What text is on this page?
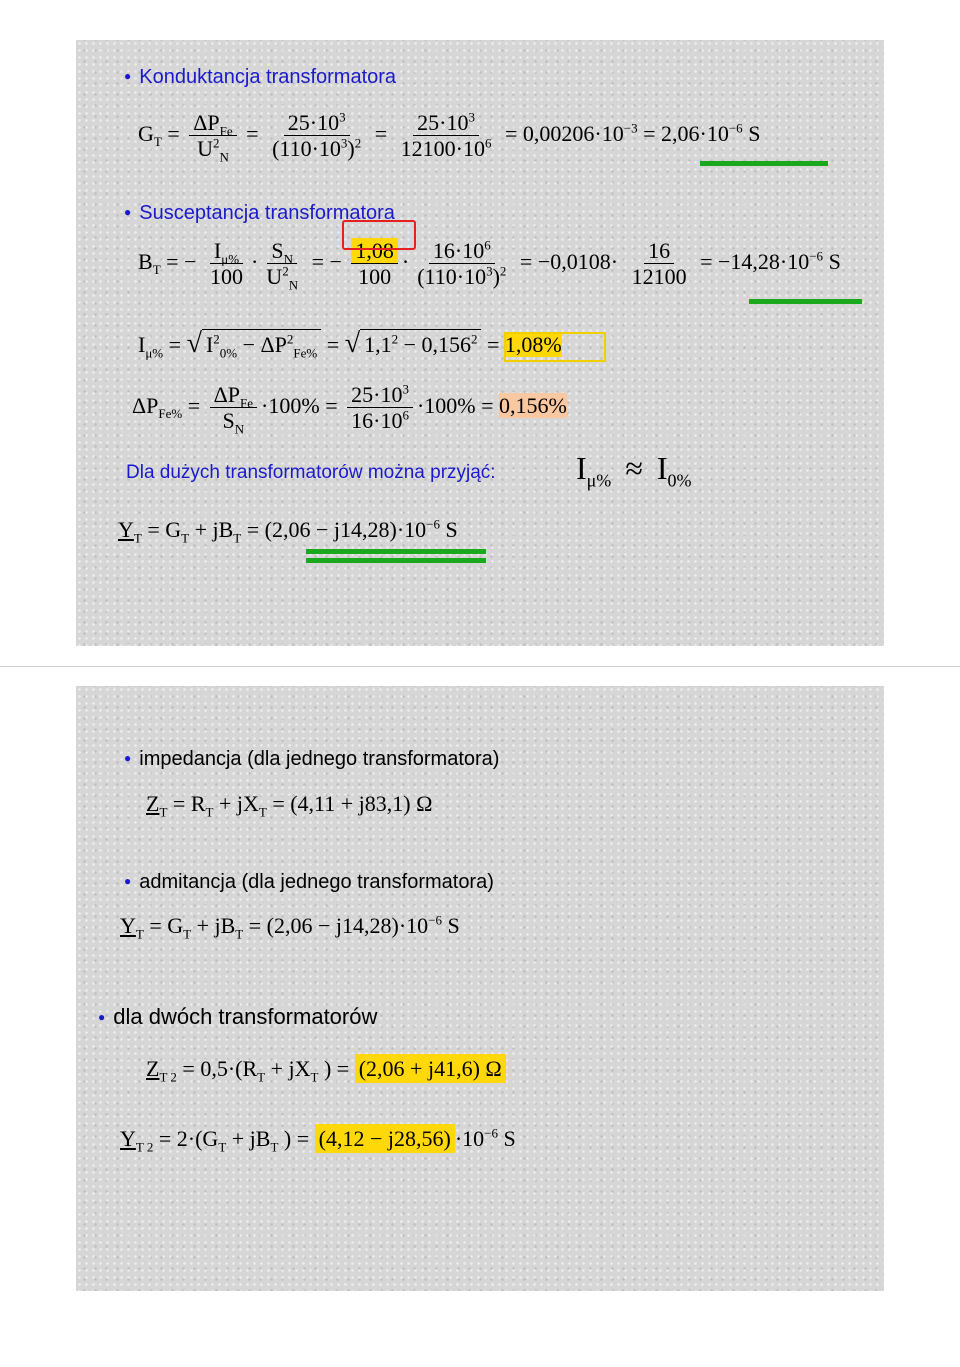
● Konduktancja transformatora
$G_T = \frac{\Delta P_{Fe}}{U^2_N} = \frac{25\cdot 10^3}{(110\cdot 10^3)^2} = \frac{25\cdot 10^3}{12100\cdot 10^6} = 0,00206\cdot 10^{-3} = 2,06\cdot 10^{-6}$ S
● Susceptancja transformatora
$B_T$ = − $\frac{I_{\mu\%}}{100} \cdot \frac{S_N}{U^2_N}$ = − $\frac{1,08}{100} \cdot \frac{16\cdot 10^6}{(110\cdot 10^3)^2} = -0,0108\cdot \frac{16}{12100} = -14,28\cdot 10^{-6}$ S
$I_{\mu\%}$ = √ $I^2_{0\%} - \Delta P^2_{Fe\%}$ = √ $1,1^2 - 0,156^2 = 1,08\%$
$\Delta P_{Fe\%} = \frac{\Delta P_{Fe}}{S_N} \cdot 100\% = \frac{25\cdot 10^3}{16\cdot 10^6} \cdot 100\% = 0,156\%$
Dla dużych transformatorów można przyjąć:	$I_{\mu\%} \approx I_{0\%}$
$Y_T = G_T + jB_T = (2,06 - j14,28)\cdot 10^{-6}$ S
● impedancja (dla jednego transformatora)
$Z_T = R_T + jX_T = (4,11 + j83,1)$ Ω
● admitancja (dla jednego transformatora)
$Y_T = G_T + jB_T = (2,06 - j14,28)\cdot 10^{-6}$ S
● dla dwóch transformatorów
$Z_{T 2} = 0,5\cdot(R_T + jX_T$ ) = (2,06 + j41,6) Ω
$Y_{T 2} = 2\cdot(G_T + jB_T$ ) = $(4,12 - j28,56) \cdot 10^{-6}$ S
